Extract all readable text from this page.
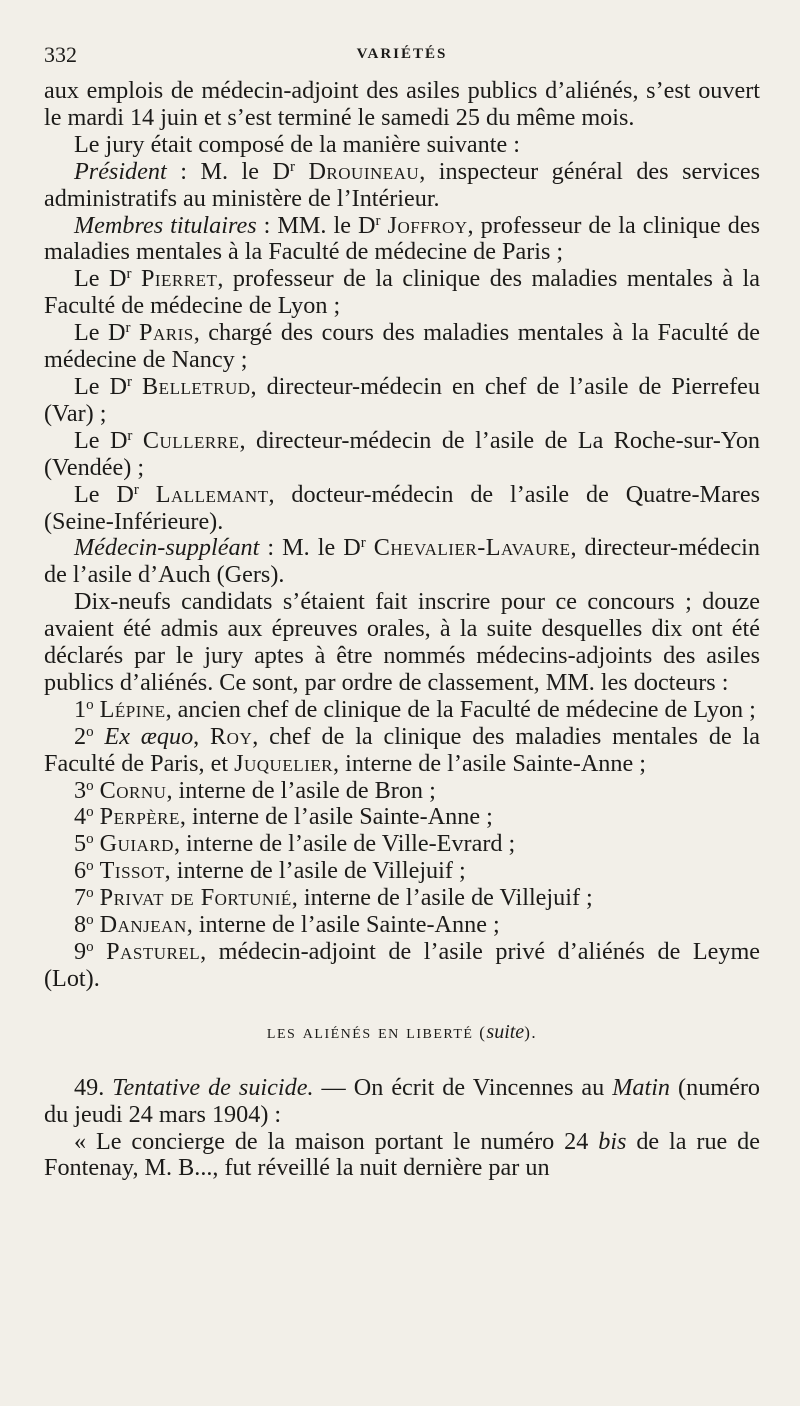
332	VARIÉTÉS

aux emplois de médecin-adjoint des asiles publics d’aliénés, s’est ouvert le mardi 14 juin et s’est terminé le samedi 25 du même mois.

Le jury était composé de la manière suivante :

Président : M. le $D^r$ Drouineau, inspecteur général des services administratifs au ministère de l’Intérieur.

Membres titulaires : MM. le $D^r$ Joffroy, professeur de la clinique des maladies mentales à la Faculté de médecine de Paris ;

Le $D^r$ Pierret, professeur de la clinique des maladies mentales à la Faculté de médecine de Lyon ;

Le $D^r$ Paris, chargé des cours des maladies mentales à la Faculté de médecine de Nancy ;

Le $D^r$ Belletrud, directeur-médecin en chef de l’asile de Pierrefeu (Var) ;

Le $D^r$ Cullerre, directeur-médecin de l’asile de La Roche-sur-Yon (Vendée) ;

Le $D^r$ Lallemant, docteur-médecin de l’asile de Quatre-Mares (Seine-Inférieure).

Médecin-suppléant : M. le $D^r$ Chevalier-Lavaure, directeur-médecin de l’asile d’Auch (Gers).

Dix-neufs candidats s’étaient fait inscrire pour ce concours ; douze avaient été admis aux épreuves orales, à la suite desquelles dix ont été déclarés par le jury aptes à être nommés médecins-adjoints des asiles publics d’aliénés. Ce sont, par ordre de classement, MM. les docteurs :

1$^o$ Lépine, ancien chef de clinique de la Faculté de médecine de Lyon ;

2$^o$ Ex æquo, Roy, chef de la clinique des maladies mentales de la Faculté de Paris, et Juquelier, interne de l’asile Sainte-Anne ;

3$^o$ Cornu, interne de l’asile de Bron ;

4$^o$ Perpère, interne de l’asile Sainte-Anne ;

5$^o$ Guiard, interne de l’asile de Ville-Evrard ;

6$^o$ Tissot, interne de l’asile de Villejuif ;

7$^o$ Privat de Fortunié, interne de l’asile de Villejuif ;

8$^o$ Danjean, interne de l’asile Sainte-Anne ;

9$^o$ Pasturel, médecin-adjoint de l’asile privé d’aliénés de Leyme (Lot).

les aliénés en liberté (suite).

49. Tentative de suicide. — On écrit de Vincennes au Matin (numéro du jeudi 24 mars 1904) :

« Le concierge de la maison portant le numéro 24 bis de la rue de Fontenay, M. B..., fut réveillé la nuit dernière par un
